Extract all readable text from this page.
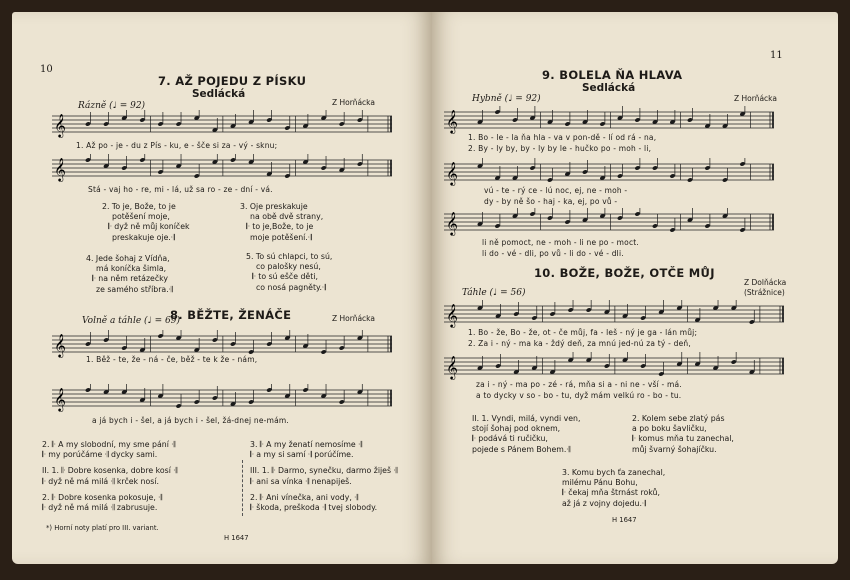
10
7. AŽ POJEDU Z PÍSKU
Sedlácká
Z Horňácka
Rázně (♩ = 92)
𝄞
1. Až po - je - du z Pís - ku, e - šče si za - vý - sknu;
𝄞
Stá - vaj ho - re, mi - lá, už sa ro - ze - dní - vá.
2. To je, Bože, to je
potěšení moje,
𝄆 dyž ně můj koníček
preskakuje oje.𝄇
3. Oje preskakuje
na obě dvě strany,
𝄆 to je,Bože, to je
moje potěšení.𝄇
4. Jede šohaj z Vídňa,
má koníčka šimla,
𝄆 na něm retázečky
ze samého stříbra.𝄇
5. To sú chlapci, to sú,
co palošky nesú,
𝄆 to sú ešče děti,
co nosá pagněty.𝄇
8. BĚŽTE, ŽENÁČE	Z Horňácka
Volně a táhle (♩ = 69)
𝄞
1. Běž - te, že - ná - če, běž - te k že - nám,
𝄞
a já bych i - šel, a já bych i - šel, žá-dnej ne-mám.
2. 𝄆 A my slobodní, my sme pání 𝄇
𝄆 my porúčáme 𝄇 dycky sami.
II. 1. 𝄆 Dobre kosenka, dobre kosí 𝄇
𝄆 dyž ně má milá 𝄇 krček nosí.
2. 𝄆 Dobre kosenka pokosuje, 𝄇
𝄆 dyž ně má milá 𝄇 zabrusuje.
3. 𝄆 A my ženatí nemosíme 𝄇
𝄆 a my si samí 𝄇 porúčíme.
III. 1. 𝄆 Darmo, synečku, darmo žiješ 𝄇
𝄆 ani sa vínka 𝄇 nenapiješ.
2. 𝄆 Ani vínečka, ani vody, 𝄇
𝄆 škoda, preškoda 𝄇 tvej slobody.
*) Horní noty platí pro III. variant.
H 1647
11
9. BOLELA ŇA HLAVA
Sedlácká
Z Horňácka
Hybně (♩ = 92)
𝄞
1. Bo - le - la ňa hla - va v pon-dě - lí od rá - na,
2. By - ly by, by - ly by le - hučko po - moh - li,
𝄞
vú - te - rý ce - lú noc, ej, ne - moh -
dy - by ně šo - haj - ka, ej, po vů -
𝄞
li ně pomoct, ne - moh - li ne po - moct.
li do - vé - dli, po vů - li do - vé - dli.
10. BOŽE, BOŽE, OTČE MŮJ
Z Dolňácka
(Strážnice)
Táhle (♩ = 56)
𝄞
1. Bo - že, Bo - že, ot - če můj, fa - leš - ný je ga - lán můj;
2. Za i - ný - ma ka - ždý deň, za mnú jed-nú za tý - deň,
𝄞
za i - ný - ma po - zé - rá, mňa si a - ni ne - vší - má.
a to dycky v so - bo - tu, dyž mám velkú ro - bo - tu.
II. 1. Vyndi, milá, vyndi ven,
stojí šohaj pod oknem,
𝄆 podává ti ručičku,
pojede s Pánem Bohem.𝄇
2. Kolem sebe zlatý pás
a po boku šavličku,
𝄆 komus mňa tu zanechal,
můj švarný šohajíčku.
3. Komu bych ťa zanechal,
milému Pánu Bohu,
𝄆 čekaj mňa štrnást roků,
až já z vojny dojedu.𝄇
H 1647
